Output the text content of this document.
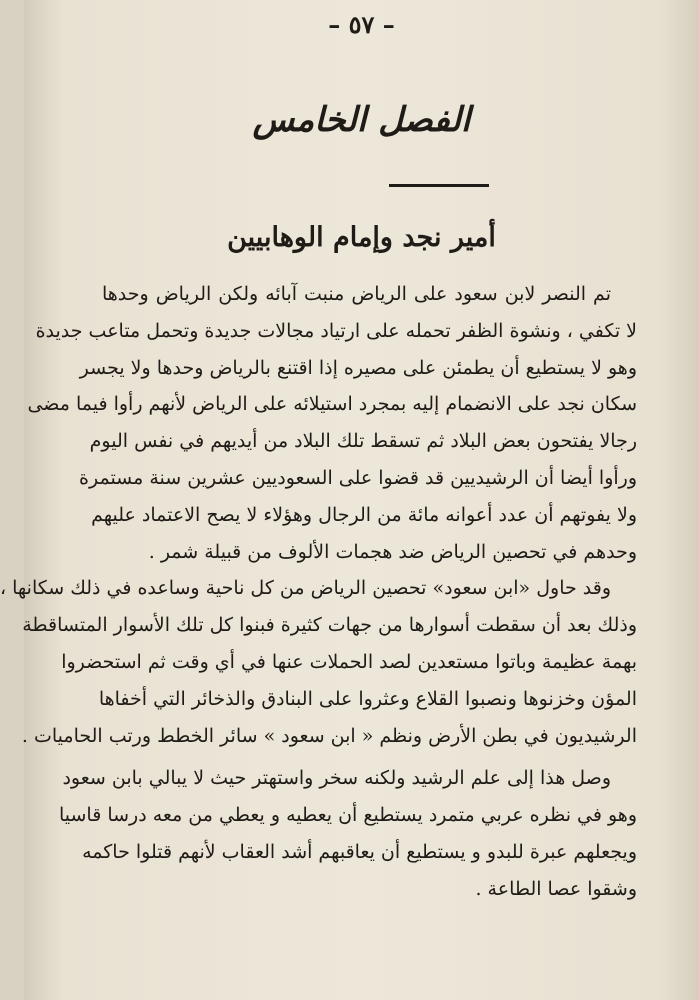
– ٥٧ –
الفصل الخامس
أمير نجد وإمام الوهابيين
تم النصر لابن سعود على الرياض منبت آبائه ولكن الرياض وحدها
لا تكفي ، ونشوة الظفر تحمله على ارتياد مجالات جديدة وتحمل متاعب جديدة
وهو لا يستطيع أن يطمئن على مصيره إذا اقتنع بالرياض وحدها ولا يجسر
سكان نجد على الانضمام إليه بمجرد استيلائه على الرياض لأنهم رأوا فيما مضى
رجالا يفتحون بعض البلاد ثم تسقط تلك البلاد من أيديهم في نفس اليوم
ورأوا أيضا أن الرشيديين قد قضوا على السعوديين عشرين سنة مستمرة
ولا يفوتهم أن عدد أعوانه مائة من الرجال وهؤلاء لا يصح الاعتماد عليهم
وحدهم في تحصين الرياض ضد هجمات الألوف من قبيلة شمر .
وقد حاول «ابن سعود» تحصين الرياض من كل ناحية وساعده في ذلك سكانها ،
وذلك بعد أن سقطت أسوارها من جهات كثيرة فبنوا كل تلك الأسوار المتساقطة
بهمة عظيمة وباتوا مستعدين لصد الحملات عنها في أي وقت ثم استحضروا
المؤن وخزنوها ونصبوا القلاع وعثروا على البنادق والذخائر التي أخفاها
الرشيديون في بطن الأرض ونظم « ابن سعود » سائر الخطط ورتب الحاميات .
وصل هذا إلى علم الرشيد ولكنه سخر واستهتر حيث لا يبالي بابن سعود
وهو في نظره عربي متمرد يستطيع أن يعطيه و يعطي من معه درسا قاسيا
ويجعلهم عبرة للبدو و يستطيع أن يعاقبهم أشد العقاب لأنهم قتلوا حاكمه
وشقوا عصا الطاعة .
